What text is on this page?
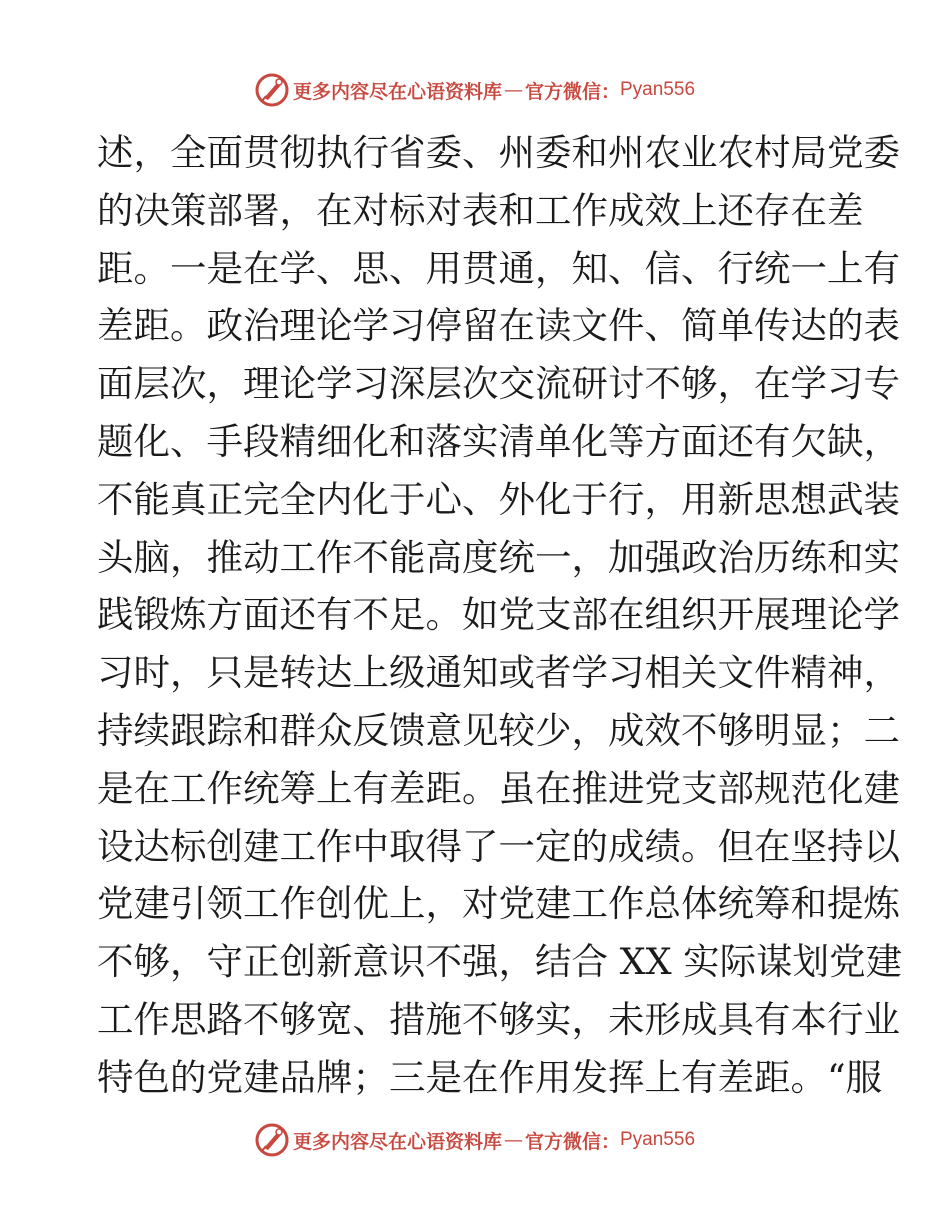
更多内容尽在心语资料库 — 官方微信： Pyan556
述，全面贯彻执行省委、州委和州农业农村局党委
的决策部署，在对标对表和工作成效上还存在差
距。一是在学、思、用贯通，知、信、行统一上有
差距。政治理论学习停留在读文件、简单传达的表
面层次，理论学习深层次交流研讨不够，在学习专
题化、手段精细化和落实清单化等方面还有欠缺，
不能真正完全内化于心、外化于行，用新思想武装
头脑，推动工作不能高度统一，加强政治历练和实
践锻炼方面还有不足。如党支部在组织开展理论学
习时，只是转达上级通知或者学习相关文件精神，
持续跟踪和群众反馈意见较少，成效不够明显；二
是在工作统筹上有差距。虽在推进党支部规范化建
设达标创建工作中取得了一定的成绩。但在坚持以
党建引领工作创优上，对党建工作总体统筹和提炼
不够，守正创新意识不强，结合 XX 实际谋划党建
工作思路不够宽、措施不够实，未形成具有本行业
特色的党建品牌；三是在作用发挥上有差距。“服
更多内容尽在心语资料库 — 官方微信： Pyan556
